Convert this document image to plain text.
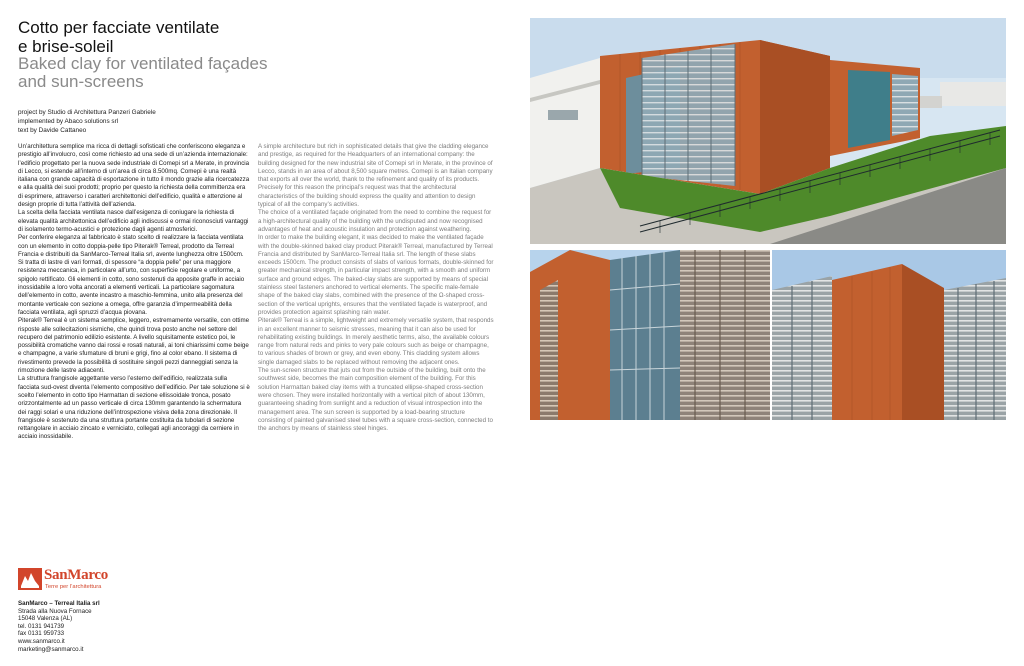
Cotto per facciate ventilate
e brise-soleil
Baked clay for ventilated façades
and sun-screens
project by Studio di Architettura Panzeri Gabriele
implemented by Abaco solutions srl
text by Davide Cattaneo

Un’architettura semplice ma ricca di dettagli sofisticati che conferiscono eleganza e prestigio all’involucro, così come richiesto ad una sede di un’azienda internazionale: l’edificio progettato per la nuova sede industriale di Comepi srl a Merate, in provincia di Lecco, si estende all’interno di un’area di circa 8.500mq. Comepi è una realtà italiana con grande capacità di esportazione in tutto il mondo grazie alla ricercatezza e alla qualità dei suoi prodotti; proprio per questo la richiesta della committenza era di esprimere, attraverso i caratteri architettonici dell’edificio, qualità e attenzione al design proprie di tutta l’attività dell’azienda.

La scelta della facciata ventilata nasce dall’esigenza di coniugare la richiesta di elevata qualità architettonica dell’edificio agli indiscussi e ormai riconosciuti vantaggi di isolamento termo-acustici e protezione dagli agenti atmosferici.

Per conferire eleganza al fabbricato è stato scelto di realizzare la facciata ventilata con un elemento in cotto doppia-pelle tipo Piterak® Terreal, prodotto da Terreal Francia e distribuiti da SanMarco-Terreal Italia srl, avente lunghezza oltre 1500cm. Si tratta di lastre di vari formati, di spessore “a doppia pelle” per una maggiore resistenza meccanica, in particolare all’urto, con superficie regolare e uniforme, a spigolo rettificato. Gli elementi in cotto, sono sostenuti da apposite graffe in acciaio inossidabile a loro volta ancorati a elementi verticali. La particolare sagomatura dell’elemento in cotto, avente incastro a maschio-femmina, unito alla presenza del montante verticale con sezione a omega, offre garanzia d’impermeabilità della facciata ventilata, agli spruzzi d’acqua piovana.

Piterak® Terreal è un sistema semplice, leggero, estremamente versatile, con ottime risposte alle sollecitazioni sismiche, che quindi trova posto anche nel settore del recupero del patrimonio edilizio esistente. A livello squisitamente estetico poi, le possibilità cromatiche vanno dai rossi e rosati naturali, ai toni chiarissimi come beige e champagne, a varie sfumature di bruni e grigi, fino al color ebano. Il sistema di rivestimento prevede la possibilità di sostituire singoli pezzi danneggiati senza la rimozione delle lastre adiacenti.

La struttura frangisole aggettante verso l’esterno dell’edificio, realizzata sulla facciata sud-ovest diventa l’elemento compositivo dell’edificio. Per tale soluzione si è scelto l’elemento in cotto tipo Harmattan di sezione ellissoidale tronca, posato orizzontalmente ad un passo verticale di circa 130mm garantendo la schermatura dei raggi solari e una riduzione dell’introspezione visiva della zona direzionale. Il frangisole è sostenuto da una struttura portante costituita da tubolari di sezione rettangolare in acciaio zincato e verniciato, collegati agli ancoraggi da cerniere in acciaio inossidabile.

A simple architecture but rich in sophisticated details that give the cladding elegance and prestige, as required for the Headquarters of an international company: the building designed for the new industrial site of Comepi srl in Merate, in the province of Lecco, stands in an area of about 8,500 square metres. Comepi is an Italian company that exports all over the world, thank to the refinement and quality of its products. Precisely for this reason the principal’s request was that the architectural characteristics of the building should express the quality and attention to design typical of all the company’s activities.

The choice of a ventilated façade originated from the need to combine the request for a high-architectural quality of the building with the undisputed and now recognised advantages of heat and acoustic insulation and protection against weathering.

In order to make the building elegant, it was decided to make the ventilated façade with the double-skinned baked clay product Piterak® Terreal, manufactured by Terreal Francia and distributed by SanMarco-Terreal Italia srl. The length of these slabs exceeds 1500cm. The product consists of slabs of various formats, double-skinned for greater mechanical strength, in particular impact strength, with a smooth and uniform surface and ground edges. The baked-clay slabs are supported by means of special stainless steel fasteners anchored to vertical elements. The specific male-female shape of the baked clay slabs, combined with the presence of the Ω-shaped cross-section of the vertical uprights, ensures that the ventilated façade is waterproof, and provides protection against splashing rain water.

Piterak® Terreal is a simple, lightweight and extremely versatile system, that responds in an excellent manner to seismic stresses, meaning that it can also be used for rehabilitating existing buildings. In merely aesthetic terms, also, the available colours range from natural reds and pinks to very pale colours such as beige or champagne, to various shades of brown or grey, and even ebony. This cladding system allows single damaged slabs to be replaced without removing the adjacent ones.

The sun-screen structure that juts out from the outside of the building, built onto the southwest side, becomes the main composition element of the building. For this solution Harmattan baked clay items with a truncated ellipse-shaped cross-section were chosen. They were installed horizontally with a vertical pitch of about 130mm, guaranteeing shading from sunlight and a reduction of visual introspection into the management area. The sun screen is supported by a load-bearing structure consisting of painted galvanised steel tubes with a square cross-section, connected to the anchors by means of stainless steel hinges.

SanMarco
Terre per l’architettura
SanMarco – Terreal Italia srl
Strada alla Nuova Fornace
15048 Valenza (AL)
tel. 0131 941739
fax 0131 959733
www.sanmarco.it
marketing@sanmarco.it
